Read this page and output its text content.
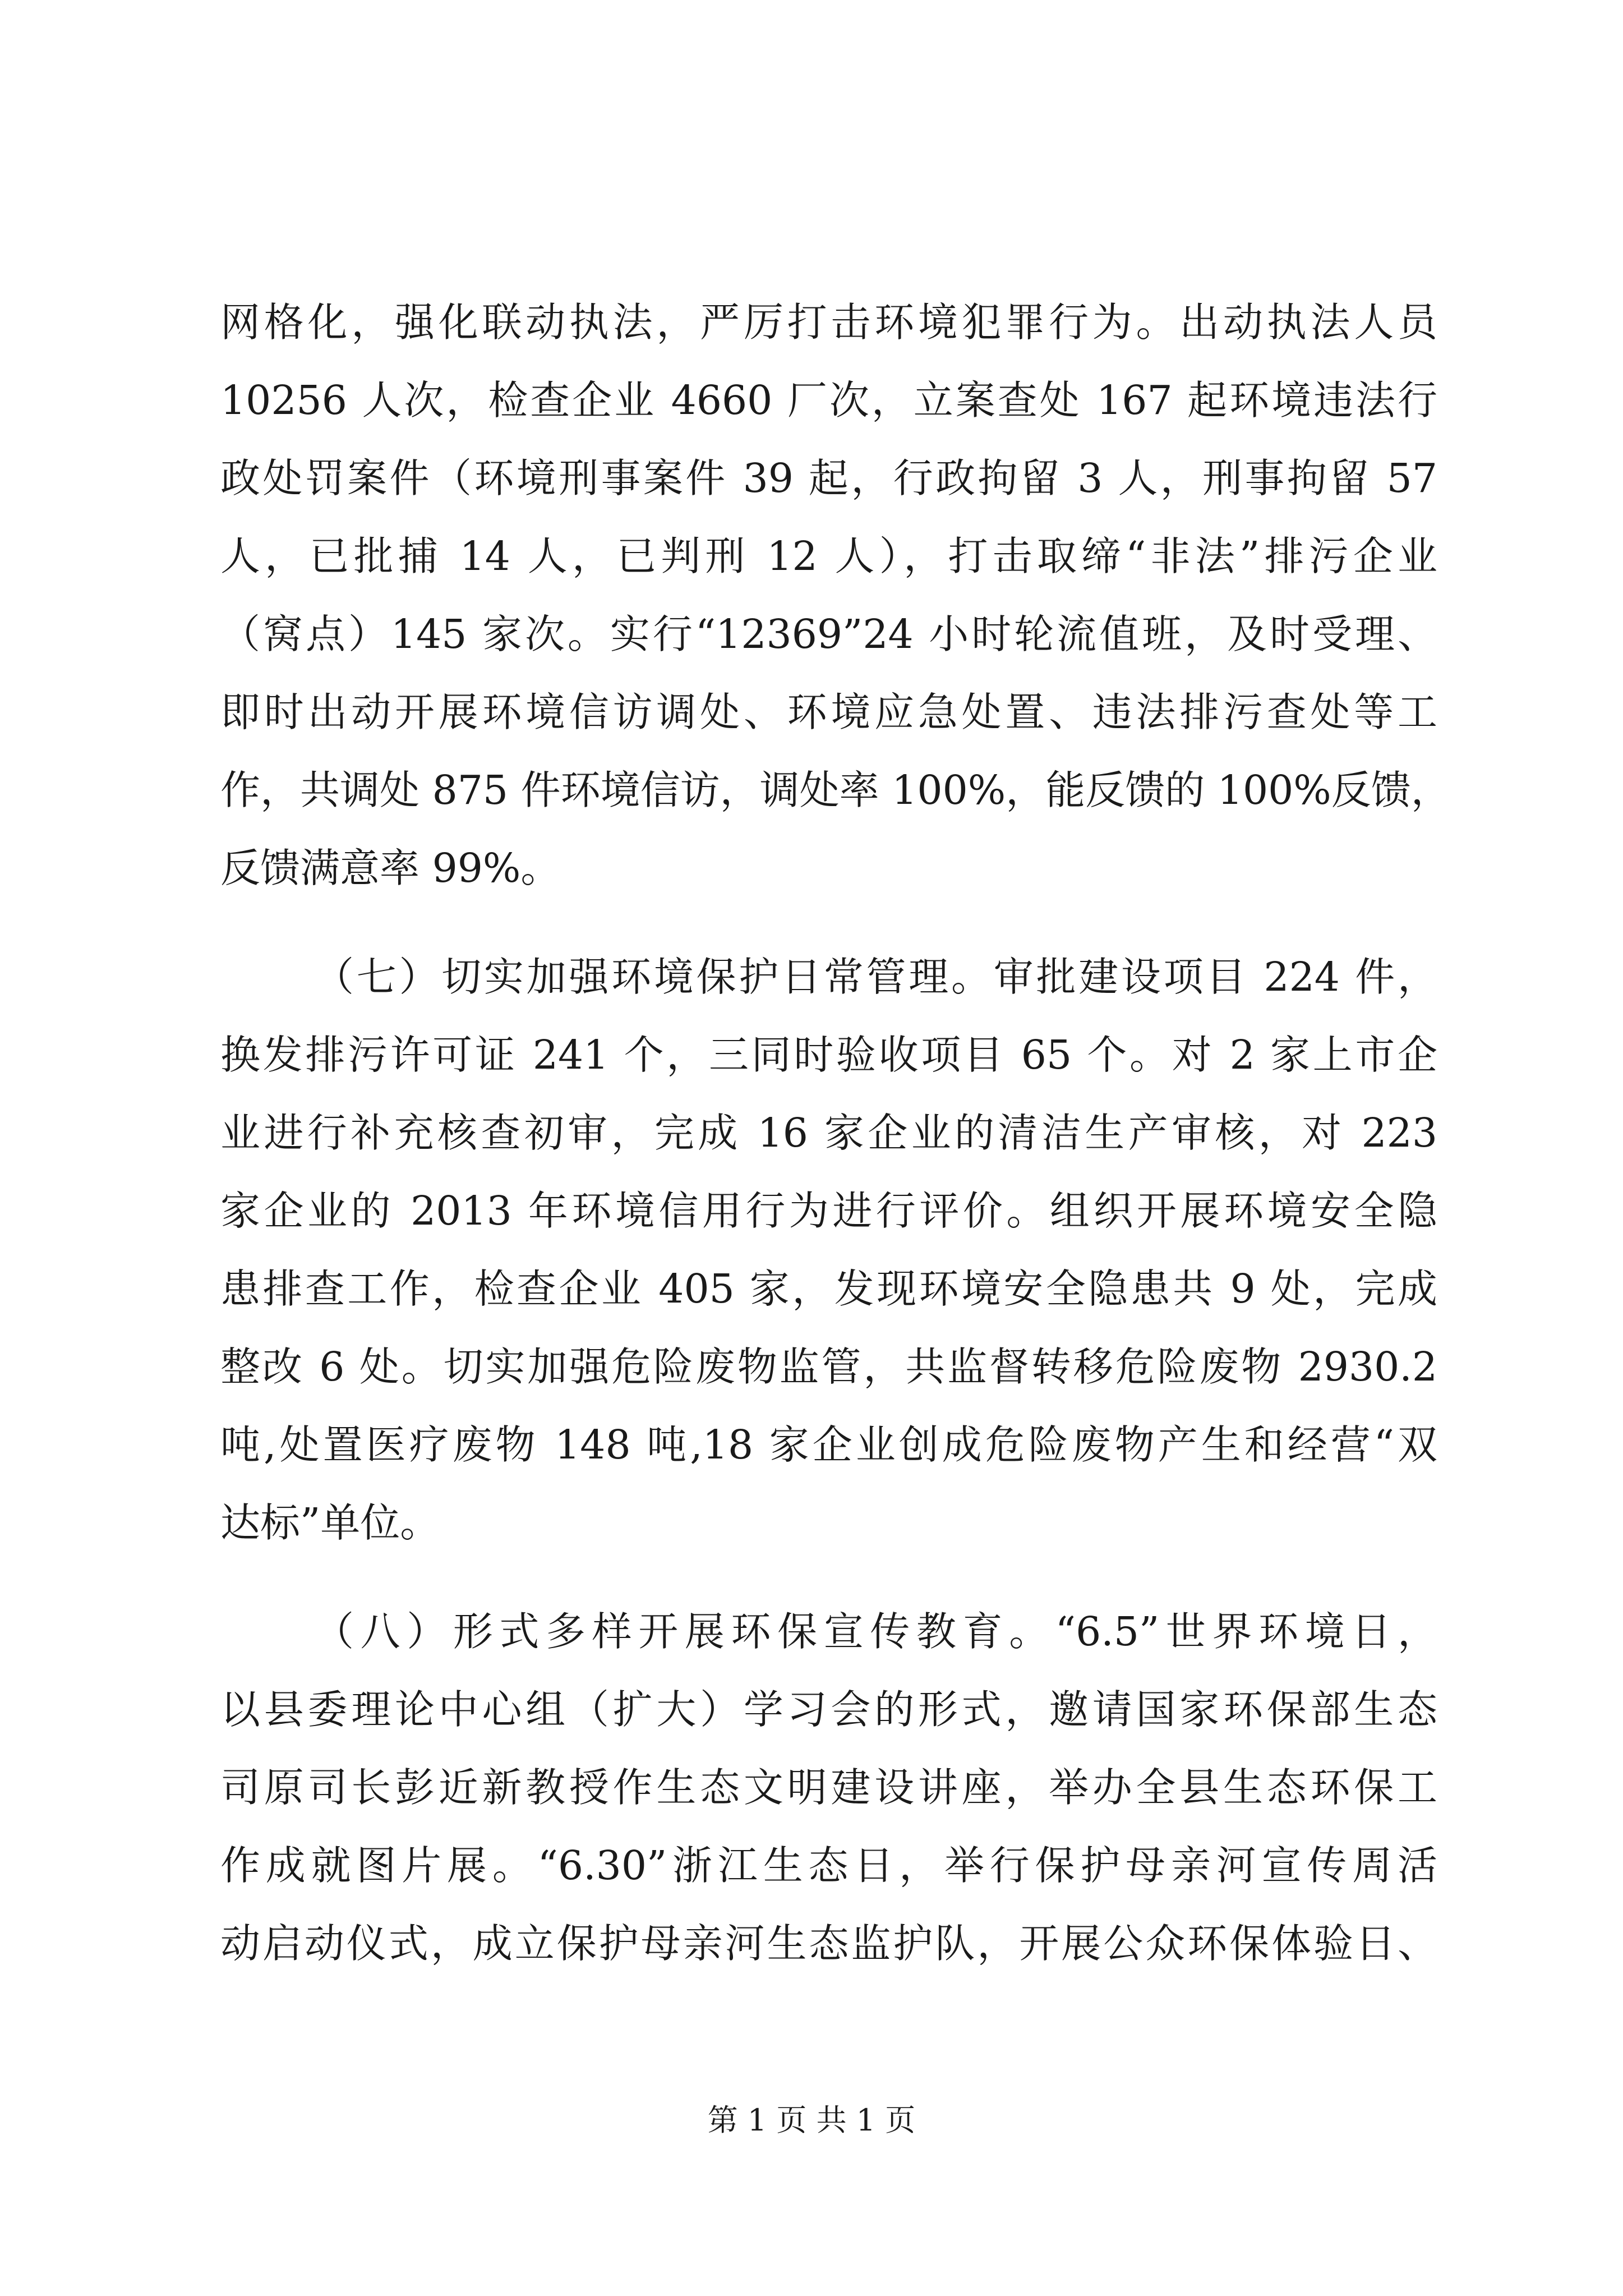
网格化，强化联动执法，严厉打击环境犯罪行为。出动执法人员
10256 人次，检查企业 4660 厂次，立案查处 167 起环境违法行
政处罚案件（环境刑事案件 39 起，行政拘留 3 人，刑事拘留 57
人，已批捕 14 人，已判刑 12 人），打击取缔“非法”排污企业
（窝点）145 家次。实行“12369”24 小时轮流值班，及时受理、
即时出动开展环境信访调处、环境应急处置、违法排污查处等工
作，共调处 875 件环境信访，调处率 100%，能反馈的 100%反馈，
反馈满意率 99%。
（七）切实加强环境保护日常管理。审批建设项目 224 件，
换发排污许可证 241 个，三同时验收项目 65 个。对 2 家上市企
业进行补充核查初审，完成 16 家企业的清洁生产审核，对 223
家企业的 2013 年环境信用行为进行评价。组织开展环境安全隐
患排查工作，检查企业 405 家，发现环境安全隐患共 9 处，完成
整改 6 处。切实加强危险废物监管，共监督转移危险废物 2930.2
吨,处置医疗废物 148 吨,18 家企业创成危险废物产生和经营“双
达标”单位。
（八）形式多样开展环保宣传教育。“6.5”世界环境日，
以县委理论中心组（扩大）学习会的形式，邀请国家环保部生态
司原司长彭近新教授作生态文明建设讲座，举办全县生态环保工
作成就图片展。“6.30”浙江生态日，举行保护母亲河宣传周活
动启动仪式，成立保护母亲河生态监护队，开展公众环保体验日、
第 1 页 共 1 页
